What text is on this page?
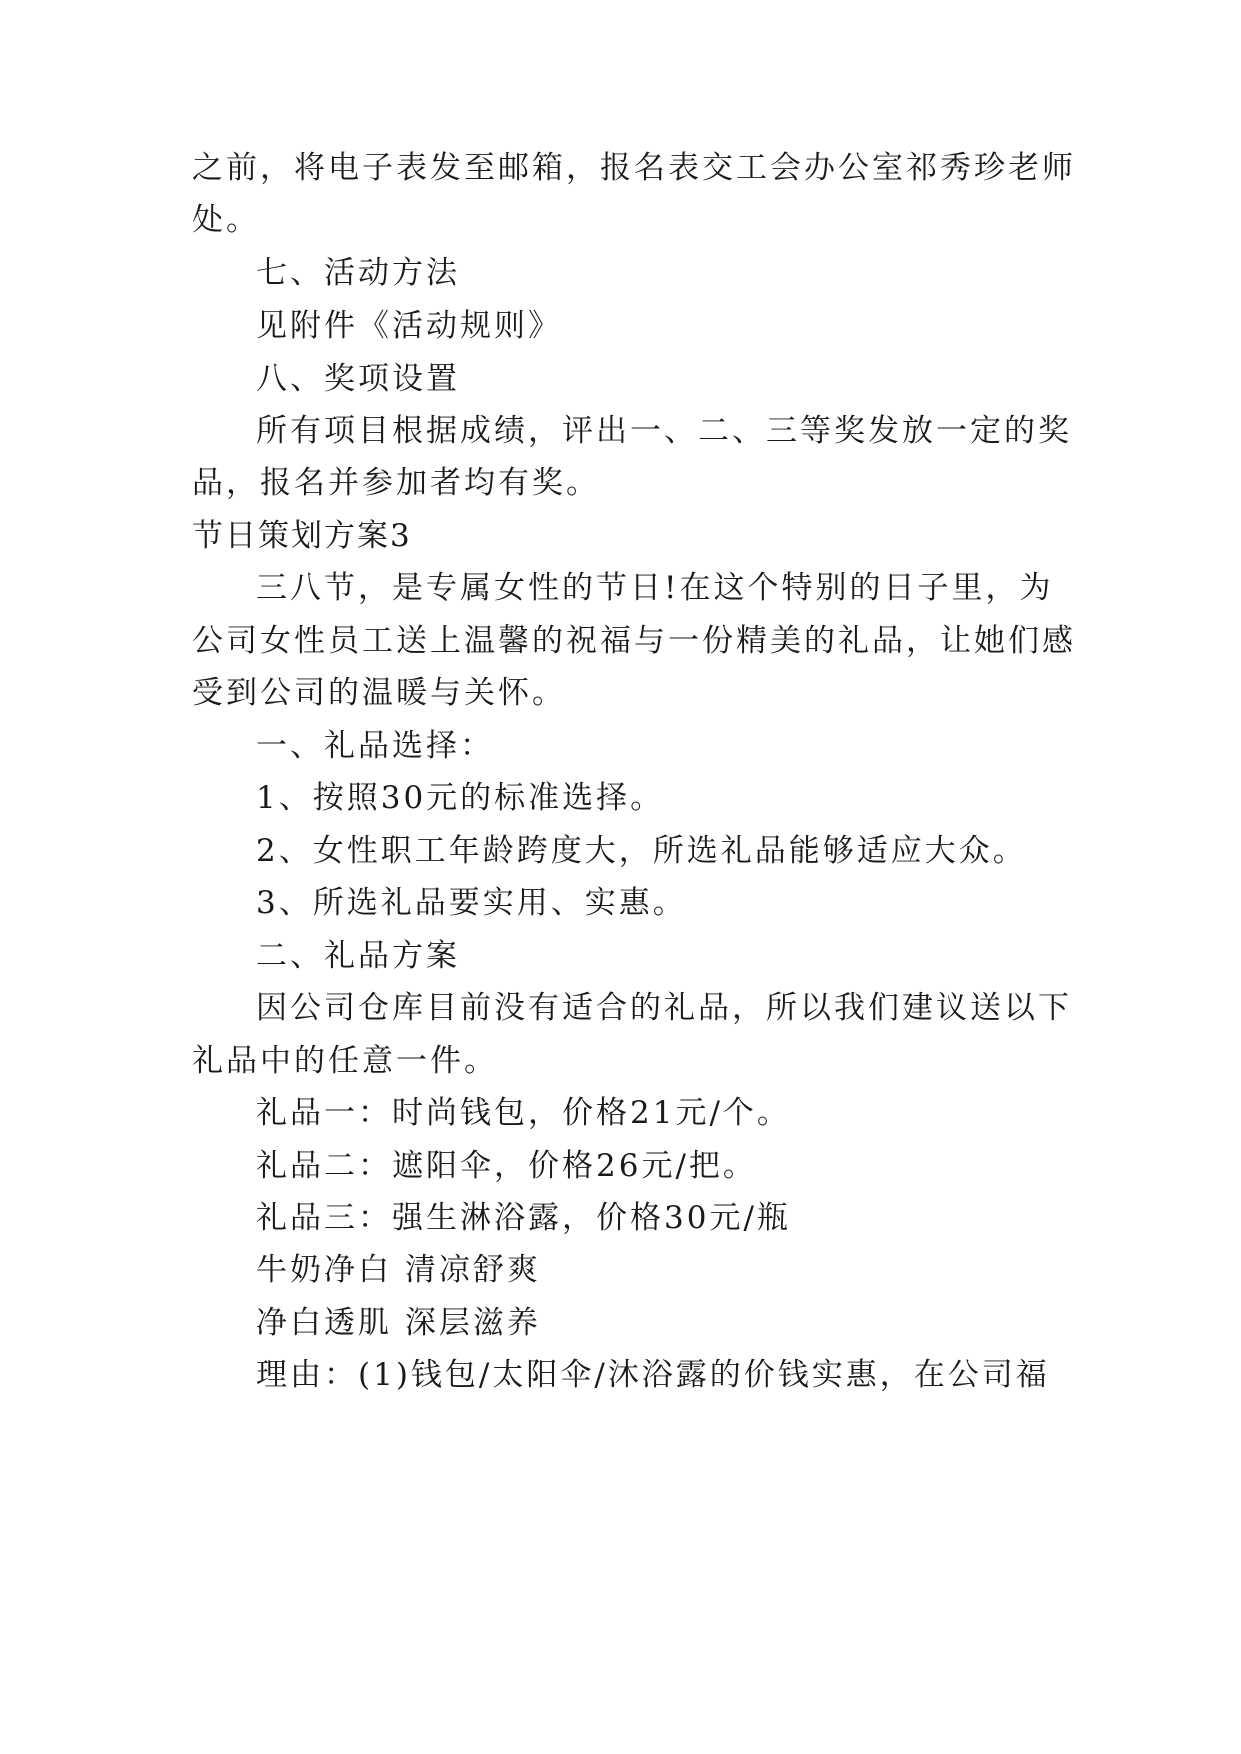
之前，将电子表发至邮箱，报名表交工会办公室祁秀珍老师
处。
七、活动方法
见附件《活动规则》
八、奖项设置
所有项目根据成绩，评出一、二、三等奖发放一定的奖
品，报名并参加者均有奖。
节日策划方案3
三八节，是专属女性的节日!在这个特别的日子里，为
公司女性员工送上温馨的祝福与一份精美的礼品，让她们感
受到公司的温暖与关怀。
一、礼品选择：
1、按照30元的标准选择。
2、女性职工年龄跨度大，所选礼品能够适应大众。
3、所选礼品要实用、实惠。
二、礼品方案
因公司仓库目前没有适合的礼品，所以我们建议送以下
礼品中的任意一件。
礼品一：时尚钱包，价格21元/个。
礼品二：遮阳伞，价格26元/把。
礼品三：强生淋浴露，价格30元/瓶
牛奶净白 清凉舒爽
净白透肌 深层滋养
理由：(1)钱包/太阳伞/沐浴露的价钱实惠，在公司福
